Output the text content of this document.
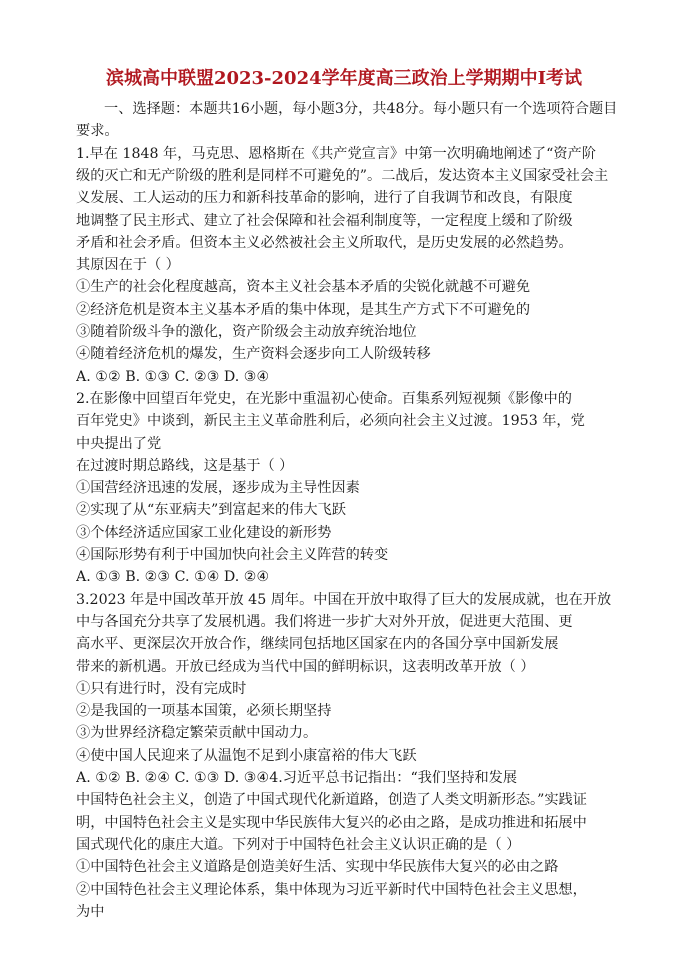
滨城高中联盟2023-2024学年度高三政治上学期期中Ⅰ考试
一、选择题：本题共16小题，每小题3分，共48分。每小题只有一个选项符合题目
要求。
1.早在 1848 年，马克思、恩格斯在《共产党宣言》中第一次明确地阐述了“资产阶
级的灭亡和无产阶级的胜利是同样不可避免的”。二战后，发达资本主义国家受社会主
义发展、工人运动的压力和新科技革命的影响，进行了自我调节和改良，有限度
地调整了民主形式、建立了社会保障和社会福利制度等，一定程度上缓和了阶级
矛盾和社会矛盾。但资本主义必然被社会主义所取代，是历史发展的必然趋势。
其原因在于（ ）
①生产的社会化程度越高，资本主义社会基本矛盾的尖锐化就越不可避免
②经济危机是资本主义基本矛盾的集中体现，是其生产方式下不可避免的
③随着阶级斗争的激化，资产阶级会主动放弃统治地位
④随着经济危机的爆发，生产资料会逐步向工人阶级转移
A. ①② B. ①③ C. ②③ D. ③④
2.在影像中回望百年党史，在光影中重温初心使命。百集系列短视频《影像中的
百年党史》中谈到，新民主主义革命胜利后，必须向社会主义过渡。1953 年，党
中央提出了党
在过渡时期总路线，这是基于（ ）
①国营经济迅速的发展，逐步成为主导性因素
②实现了从“东亚病夫”到富起来的伟大飞跃
③个体经济适应国家工业化建设的新形势
④国际形势有利于中国加快向社会主义阵营的转变
A. ①③ B. ②③ C. ①④ D. ②④
3.2023 年是中国改革开放 45 周年。中国在开放中取得了巨大的发展成就，也在开放
中与各国充分共享了发展机遇。我们将进一步扩大对外开放，促进更大范围、更
高水平、更深层次开放合作，继续同包括地区国家在内的各国分享中国新发展
带来的新机遇。开放已经成为当代中国的鲜明标识，这表明改革开放（ ）
①只有进行时，没有完成时
②是我国的一项基本国策，必须长期坚持
③为世界经济稳定繁荣贡献中国动力。
④使中国人民迎来了从温饱不足到小康富裕的伟大飞跃
A. ①② B. ②④ C. ①③ D. ③④4.习近平总书记指出：“我们坚持和发展
中国特色社会主义，创造了中国式现代化新道路，创造了人类文明新形态。”实践证
明，中国特色社会主义是实现中华民族伟大复兴的必由之路，是成功推进和拓展中
国式现代化的康庄大道。下列对于中国特色社会主义认识正确的是（ ）
①中国特色社会主义道路是创造美好生活、实现中华民族伟大复兴的必由之路
②中国特色社会主义理论体系，集中体现为习近平新时代中国特色社会主义思想，
为中
